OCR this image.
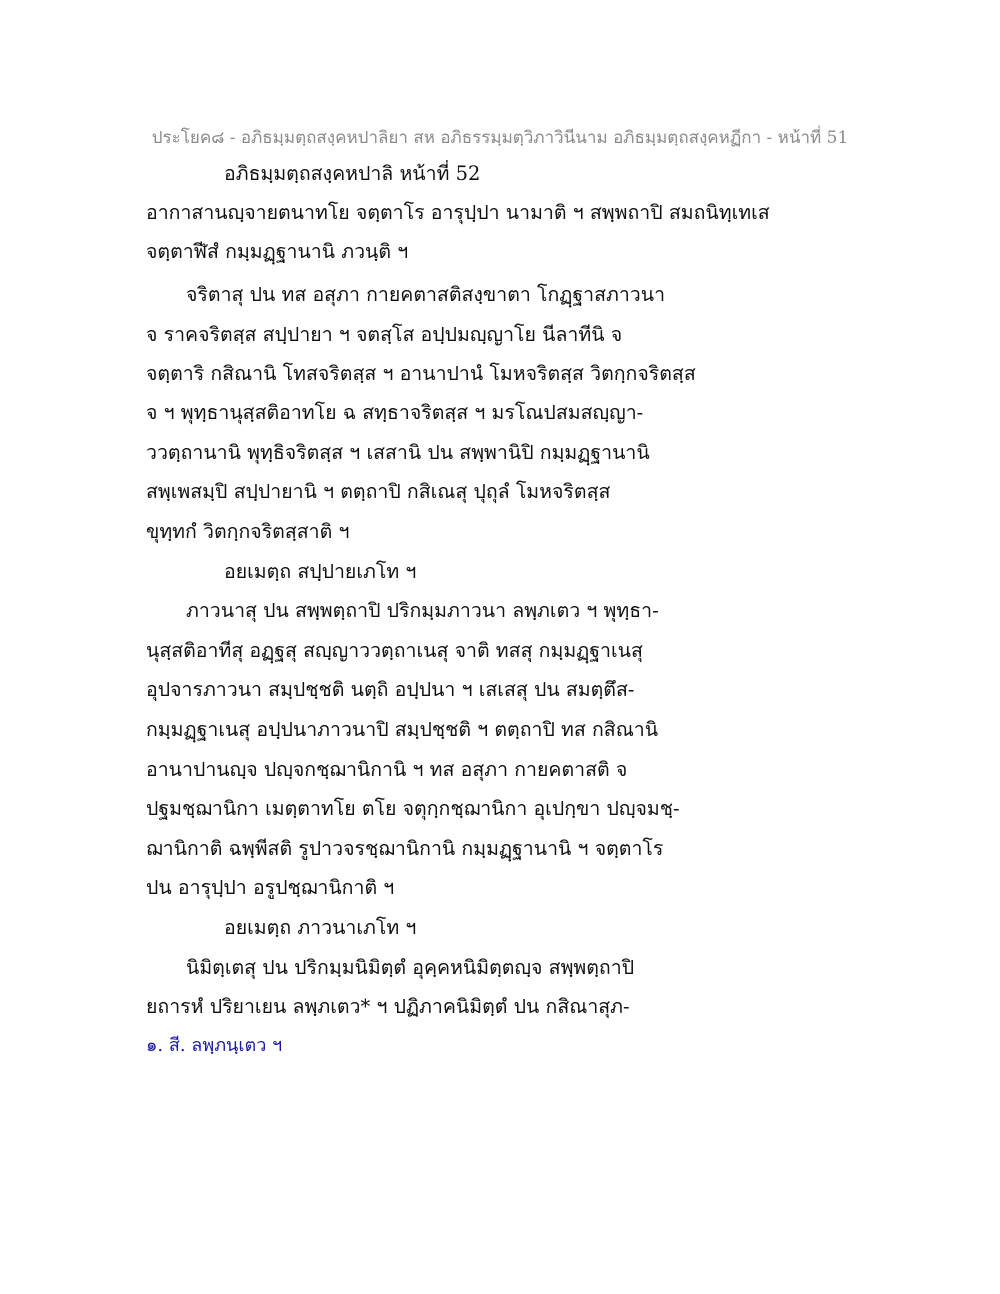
ประโยค๘ - อภิธมฺมตฺถสงฺคหปาลิยา สห อภิธรรมฺมตฺวิภาวินีนาม อภิธมฺมตฺถสงฺคหฏีกา - หน้าที่ 51
อภิธมฺมตฺถสงฺคหปาลิ หน้าที่ 52
อากาสานญฺจายตนาทโย จตฺตาโร อารุปฺปา นามาติ ฯ สพฺพถาปิ สมถนิทฺเทเส
จตฺตาฬีสํ กมฺมฏฺฐานานิ ภวนฺติ ฯ
จริตาสุ ปน ทส อสุภา กายคตาสติสงฺขาตา โกฏฺฐาสภาวนา
จ ราคจริตสฺส สปฺปายา ฯ จตสฺโส อปฺปมญฺญาโย นีลาทีนิ จ
จตฺตาริ กสิณานิ โทสจริตสฺส ฯ อานาปานํ โมหจริตสฺส วิตกฺกจริตสฺส
จ ฯ พุทฺธานุสฺสติอาทโย ฉ สทฺธาจริตสฺส ฯ มรโณปสมสญฺญา-
ววตฺถานานิ พุทฺธิจริตสฺส ฯ เสสานิ ปน สพฺพานิปิ กมฺมฏฺฐานานิ
สพฺเพสมฺปิ สปฺปายานิ ฯ ตตฺถาปิ กสิเณสุ ปุถุลํ โมหจริตสฺส
ขุทฺทกํ วิตกฺกจริตสฺสาติ ฯ
อยเมตฺถ สปฺปายเภโท ฯ
ภาวนาสุ ปน สพฺพตฺถาปิ ปริกมฺมภาวนา ลพฺภเตว ฯ พุทฺธา-
นุสฺสติอาทีสุ อฏฺฐสุ สญฺญาววตฺถาเนสุ จาติ ทสสุ กมฺมฏฺฐาเนสุ
อุปจารภาวนา สมฺปชฺชติ นตฺถิ อปฺปนา ฯ เสเสสุ ปน สมตฺตึส-
กมฺมฏฺฐาเนสุ อปฺปนาภาวนาปิ สมฺปชฺชติ ฯ ตตฺถาปิ ทส กสิณานิ
อานาปานญฺจ ปญฺจกชฺฌานิกานิ ฯ ทส อสุภา กายคตาสติ จ
ปฐมชฺฌานิกา เมตฺตาทโย ตโย จตุกฺกชฺฌานิกา อุเปกฺขา ปญฺจมชฺ-
ฌานิกาติ ฉพฺพีสติ รูปาวจรชฺฌานิกานิ กมฺมฏฺฐานานิ ฯ จตฺตาโร
ปน อารุปฺปา อรูปชฺฌานิกาติ ฯ
อยเมตฺถ ภาวนาเภโท ฯ
นิมิตฺเตสุ ปน ปริกมฺมนิมิตฺตํ อุคฺคหนิมิตฺตญฺจ สพฺพตฺถาปิ
ยถารหํ ปริยาเยน ลพฺภเตว* ฯ ปฏิภาคนิมิตฺตํ ปน กสิณาสุภ-
๑. สี. ลพฺภนฺเตว ฯ
